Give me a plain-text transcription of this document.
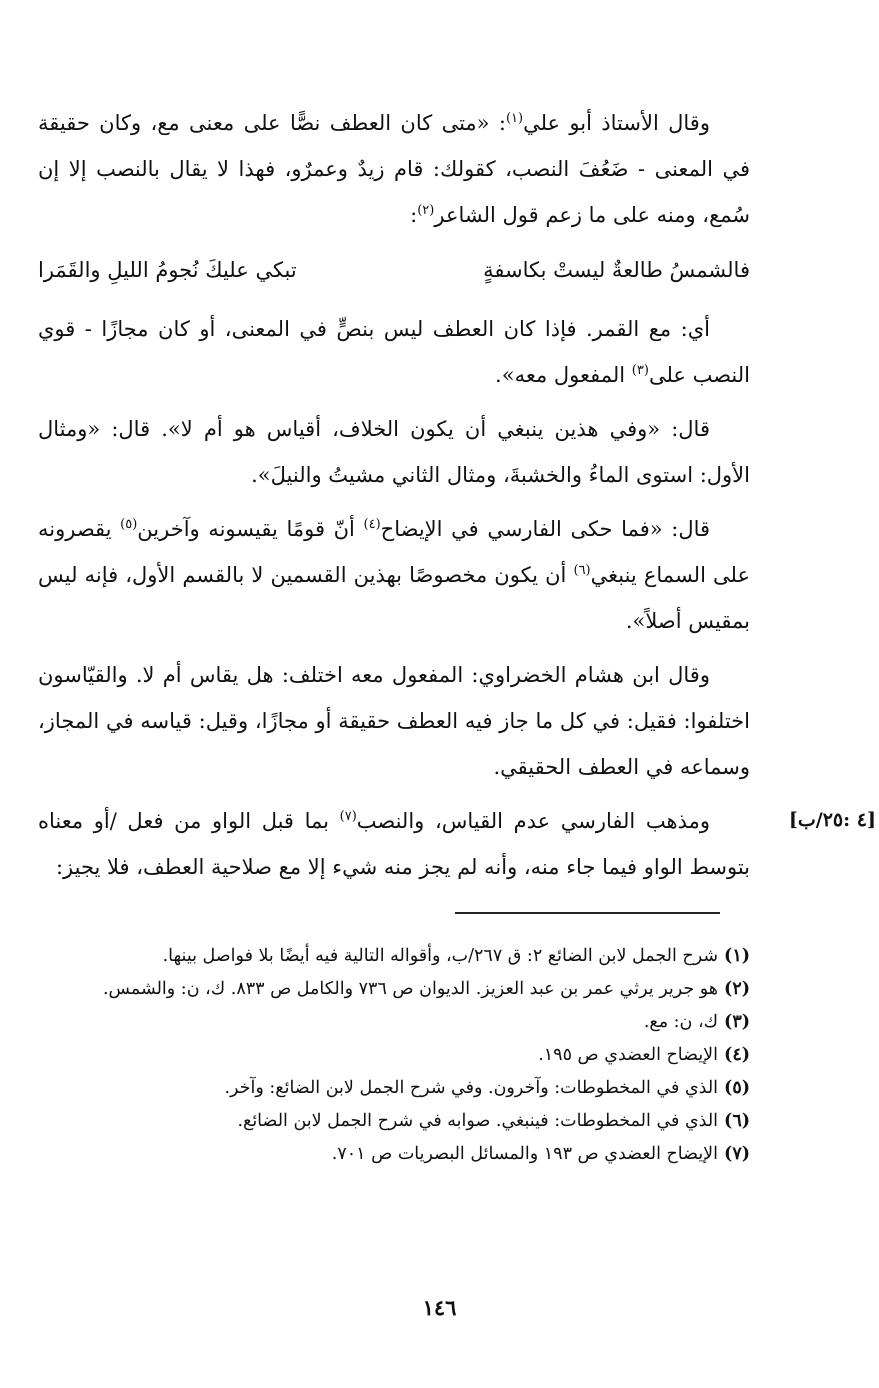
وقال الأستاذ أبو علي$^{(١)}$: «متى كان العطف نصًّا على معنى مع، وكان حقيقة في المعنى - ضَعُفَ النصب، كقولك: قام زيدٌ وعمرٌو، فهذا لا يقال بالنصب إلا إن سُمع، ومنه على ما زعم قول الشاعر$^{(٢)}$:

فالشمسُ طالعةٌ ليستْ بكاسفةٍ
تبكي عليكَ نُجومُ الليلِ والقَمَرا

أي: مع القمر. فإذا كان العطف ليس بنصٍّ في المعنى، أو كان مجازًا - قوي النصب على$^{(٣)}$ المفعول معه».

قال: «وفي هذين ينبغي أن يكون الخلاف، أقياس هو أم لا». قال: «ومثال الأول: استوى الماءُ والخشبةَ، ومثال الثاني مشيتُ والنيلَ».

قال: «فما حكى الفارسي في الإيضاح$^{(٤)}$ أنّ قومًا يقيسونه وآخرين$^{(٥)}$ يقصرونه على السماع ينبغي$^{(٦)}$ أن يكون مخصوصًا بهذين القسمين لا بالقسم الأول، فإنه ليس بمقيس أصلاً».

وقال ابن هشام الخضراوي: المفعول معه اختلف: هل يقاس أم لا. والقيّاسون اختلفوا: فقيل: في كل ما جاز فيه العطف حقيقة أو مجازًا، وقيل: قياسه في المجاز، وسماعه في العطف الحقيقي.

ومذهب الفارسي عدم القياس، والنصب$^{(٧)}$ بما قبل الواو من فعل /أو معناه بتوسط الواو فيما جاء منه، وأنه لم يجز منه شيء إلا مع صلاحية العطف، فلا يجيز:

[٤ :٢٥/ب]

(١)شرح الجمل لابن الضائع ٢: ق ٢٦٧/ب، وأقواله التالية فيه أيضًا بلا فواصل بينها.

(٢)هو جرير يرثي عمر بن عبد العزيز. الديوان ص ٧٣٦ والكامل ص ٨٣٣. ك، ن: والشمس.

(٣)ك، ن: مع.

(٤)الإيضاح العضدي ص ١٩٥.

(٥)الذي في المخطوطات: وآخرون. وفي شرح الجمل لابن الضائع: وآخر.

(٦)الذي في المخطوطات: فينبغي. صوابه في شرح الجمل لابن الضائع.

(٧)الإيضاح العضدي ص ١٩٣ والمسائل البصريات ص ٧٠١.

١٤٦
